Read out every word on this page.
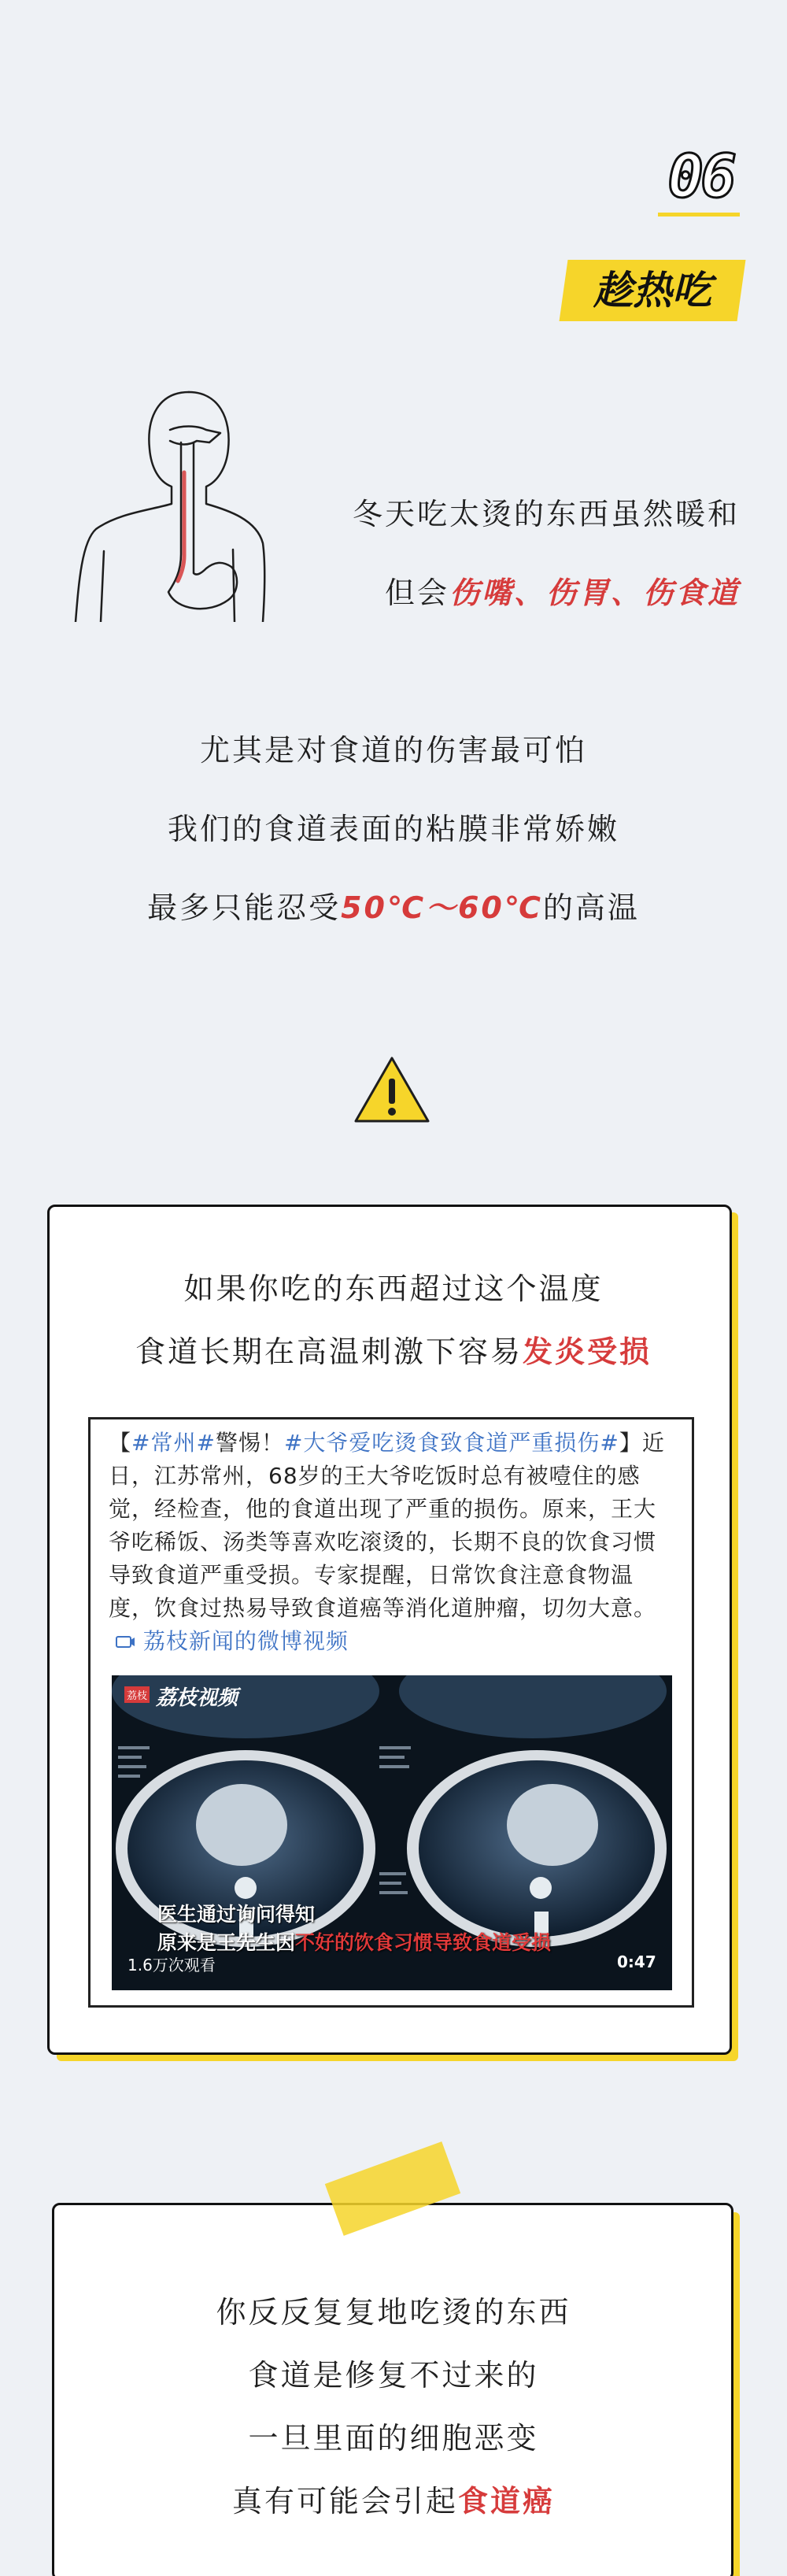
06
趁热吃
冬天吃太烫的东西虽然暖和
但会伤嘴、伤胃、伤食道
尤其是对食道的伤害最可怕
我们的食道表面的粘膜非常娇嫩
最多只能忍受50℃～60℃的高温
如果你吃的东西超过这个温度
食道长期在高温刺激下容易发炎受损
【#常州#警惕！#大爷爱吃烫食致食道严重损伤#】近日，江苏常州，68岁的王大爷吃饭时总有被噎住的感觉，经检查，他的食道出现了严重的损伤。原来，王大爷吃稀饭、汤类等喜欢吃滚烫的，长期不良的饮食习惯导致食道严重受损。专家提醒，日常饮食注意食物温度，饮食过热易导致食道癌等消化道肿瘤，切勿大意。  荔枝新闻的微博视频
荔枝 荔枝视频
医生通过询问得知
原来是王先生因不好的饮食习惯导致食道受损
1.6万次观看	0:47
你反反复复地吃烫的东西
食道是修复不过来的
一旦里面的细胞恶变
真有可能会引起食道癌
